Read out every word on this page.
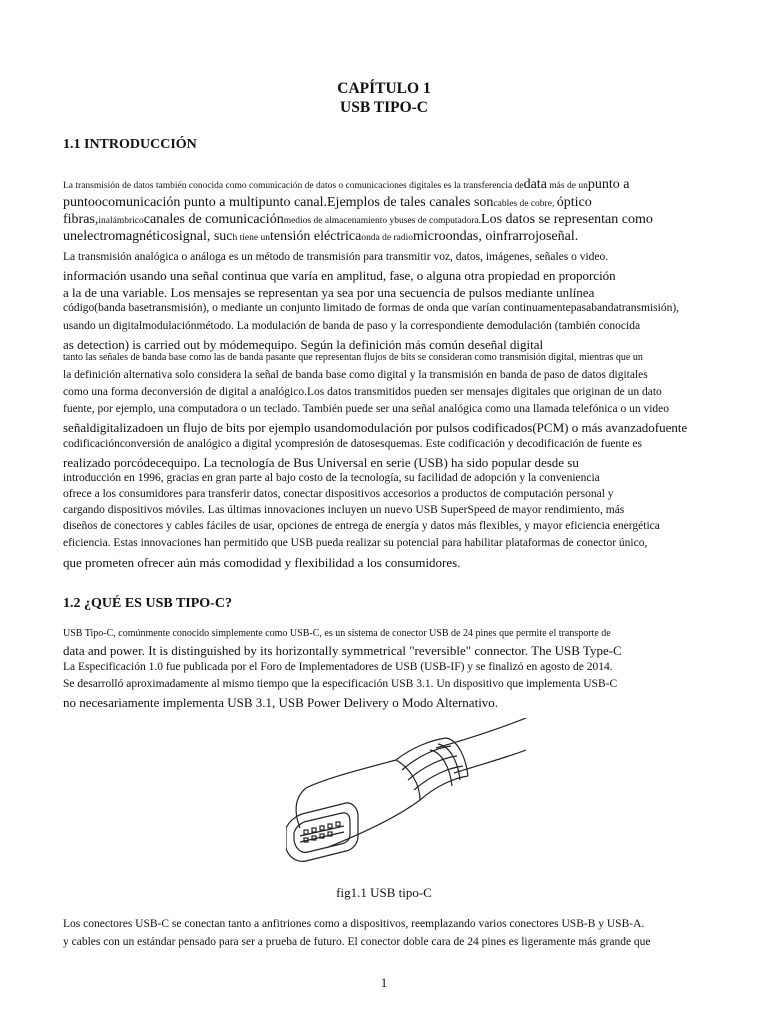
CAPÍTULO 1
USB TIPO-C
1.1 INTRODUCCIÓN
La transmisión de datos también conocida como comunicación de datos o comunicaciones digitales es la transferencia dedata más de unpunto a
puntoocomunicación punto a multipunto canal.Ejemplos de tales canales soncables de cobre, óptico
fibras,inalámbricocanales de comunicaciónmedios de almacenamiento ybuses de computadora.Los datos se representan como
unelectromagnéticosignal, such tiene untensión eléctricaonda de radiomicroondas, oinfrarrojoseñal.
La transmisión analógica o análoga es un método de transmisión para transmitir voz, datos, imágenes, señales o video.
información usando una señal continua que varía en amplitud, fase, o alguna otra propiedad en proporción
a la de una variable. Los mensajes se representan ya sea por una secuencia de pulsos mediante unlínea
código(banda basetransmisión), o mediante un conjunto limitado de formas de onda que varían continuamentepasabandatransmisión),
usando un digitalmodulaciónmétodo. La modulación de banda de paso y la correspondiente demodulación (también conocida
as detection) is carried out by módemequipo. Según la definición más común deseñal digital
tanto las señales de banda base como las de banda pasante que representan flujos de bits se consideran como transmisión digital, mientras que un
la definición alternativa solo considera la señal de banda base como digital y la transmisión en banda de paso de datos digitales
como una forma deconversión de digital a analógico.Los datos transmitidos pueden ser mensajes digitales que originan de un dato
fuente, por ejemplo, una computadora o un teclado. También puede ser una señal analógica como una llamada telefónica o un video
señaldigitalizadoen un flujo de bits por ejemplo usandomodulación por pulsos codificados(PCM) o más avanzadofuente
codificaciónconversión de analógico a digital ycompresión de datosesquemas. Este codificación y decodificación de fuente es
realizado porcódecequipo. La tecnología de Bus Universal en serie (USB) ha sido popular desde su
introducción en 1996, gracias en gran parte al bajo costo de la tecnología, su facilidad de adopción y la conveniencia
ofrece a los consumidores para transferir datos, conectar dispositivos accesorios a productos de computación personal y
cargando dispositivos móviles. Las últimas innovaciones incluyen un nuevo USB SuperSpeed de mayor rendimiento, más
diseños de conectores y cables fáciles de usar, opciones de entrega de energía y datos más flexibles, y mayor eficiencia energética
eficiencia. Estas innovaciones han permitido que USB pueda realizar su potencial para habilitar plataformas de conector único,
que prometen ofrecer aún más comodidad y flexibilidad a los consumidores.
1.2 ¿QUÉ ES USB TIPO-C?
USB Tipo-C, comúnmente conocido simplemente como USB-C, es un sistema de conector USB de 24 pines que permite el transporte de
data and power. It is distinguished by its horizontally symmetrical "reversible" connector. The USB Type-C
La Especificación 1.0 fue publicada por el Foro de Implementadores de USB (USB-IF) y se finalizó en agosto de 2014.
Se desarrolló aproximadamente al mismo tiempo que la especificación USB 3.1. Un dispositivo que implementa USB-C
no necesariamente implementa USB 3.1, USB Power Delivery o Modo Alternativo.
fig1.1 USB tipo-C
Los conectores USB-C se conectan tanto a anfitriones como a dispositivos, reemplazando varios conectores USB-B y USB-A.
y cables con un estándar pensado para ser a prueba de futuro. El conector doble cara de 24 pines es ligeramente más grande que
1
